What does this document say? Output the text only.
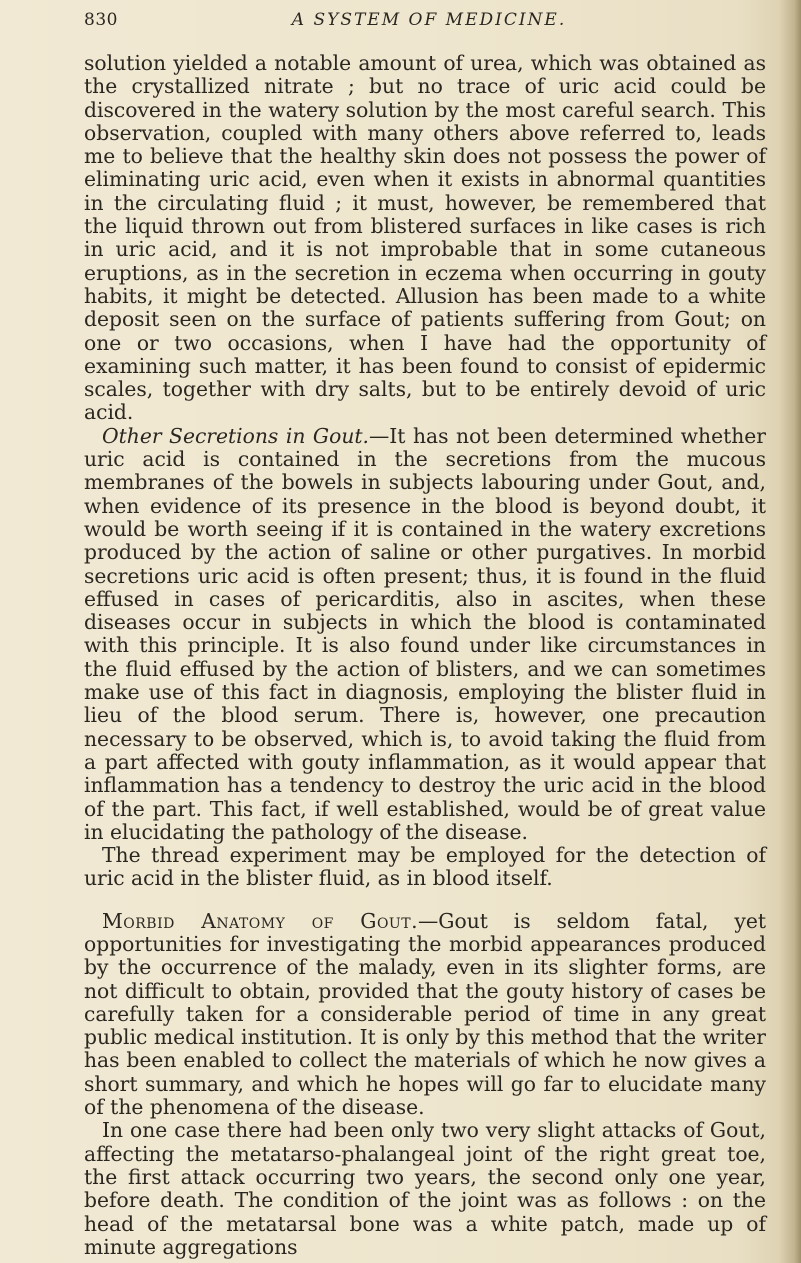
830	A SYSTEM OF MEDICINE.

solution yielded a notable amount of urea, which was obtained as the crystallized nitrate ; but no trace of uric acid could be discovered in the watery solution by the most careful search. This observation, coupled with many others above referred to, leads me to believe that the healthy skin does not possess the power of eliminating uric acid, even when it exists in abnormal quantities in the circulating fluid ; it must, however, be remembered that the liquid thrown out from blistered surfaces in like cases is rich in uric acid, and it is not improbable that in some cutaneous eruptions, as in the secretion in eczema when occurring in gouty habits, it might be detected. Allusion has been made to a white deposit seen on the surface of patients suffering from Gout; on one or two occasions, when I have had the opportunity of examining such matter, it has been found to consist of epidermic scales, together with dry salts, but to be entirely devoid of uric acid.

Other Secretions in Gout.—It has not been determined whether uric acid is contained in the secretions from the mucous membranes of the bowels in subjects labouring under Gout, and, when evidence of its presence in the blood is beyond doubt, it would be worth seeing if it is contained in the watery excretions produced by the action of saline or other purgatives. In morbid secretions uric acid is often present; thus, it is found in the fluid effused in cases of pericarditis, also in ascites, when these diseases occur in subjects in which the blood is contaminated with this principle. It is also found under like circumstances in the fluid effused by the action of blisters, and we can sometimes make use of this fact in diagnosis, employing the blister fluid in lieu of the blood serum. There is, however, one precaution necessary to be observed, which is, to avoid taking the fluid from a part affected with gouty inflammation, as it would appear that inflammation has a tendency to destroy the uric acid in the blood of the part. This fact, if well established, would be of great value in elucidating the pathology of the disease.

The thread experiment may be employed for the detection of uric acid in the blister fluid, as in blood itself.

Morbid Anatomy of Gout.—Gout is seldom fatal, yet opportunities for investigating the morbid appearances produced by the occurrence of the malady, even in its slighter forms, are not difficult to obtain, provided that the gouty history of cases be carefully taken for a considerable period of time in any great public medical institution. It is only by this method that the writer has been enabled to collect the materials of which he now gives a short summary, and which he hopes will go far to elucidate many of the phenomena of the disease.

In one case there had been only two very slight attacks of Gout, affecting the metatarso-phalangeal joint of the right great toe, the first attack occurring two years, the second only one year, before death. The condition of the joint was as follows : on the head of the metatarsal bone was a white patch, made up of minute aggregations
